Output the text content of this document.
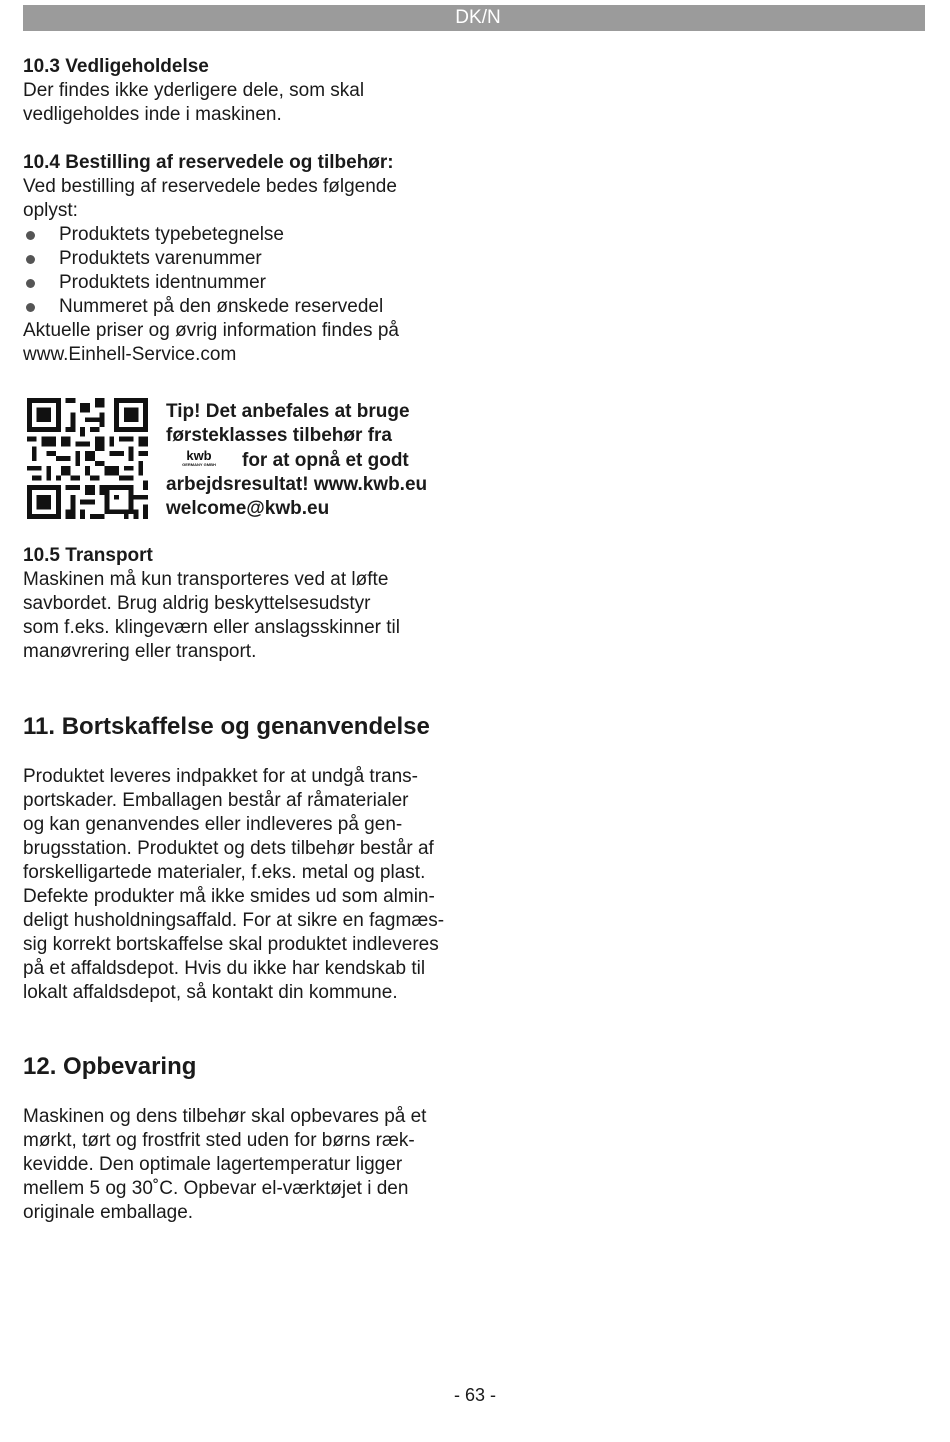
DK/N

10.3 Vedligeholdelse

Der findes ikke yderligere dele, som skal

vedligeholdes inde i maskinen.

10.4 Bestilling af reservedele og tilbehør:

Ved bestilling af reservedele bedes følgende

oplyst:

Produktets typebetegnelse
Produktets varenummer
Produktets identnummer
Nummeret på den ønskede reservedel

Aktuelle priser og øvrig information findes på

www.Einhell-Service.com

Tip! Det anbefales at bruge
førsteklasses tilbehør fra
kwb
GERMANY GMBH for at opnå et godt
arbejdsresultat! www.kwb.eu
welcome@kwb.eu

10.5 Transport

Maskinen må kun transporteres ved at løfte

savbordet. Brug aldrig beskyttelsesudstyr

som f.eks. klingeværn eller anslagsskinner til

manøvrering eller transport.

11. Bortskaffelse og genanvendelse

Produktet leveres indpakket for at undgå trans-

portskader. Emballagen består af råmaterialer

og kan genanvendes eller indleveres på gen-

brugsstation. Produktet og dets tilbehør består af

forskelligartede materialer, f.eks. metal og plast.

Defekte produkter må ikke smides ud som almin-

deligt husholdningsaffald. For at sikre en fagmæs-

sig korrekt bortskaffelse skal produktet indleveres

på et affaldsdepot. Hvis du ikke har kendskab til

lokalt affaldsdepot, så kontakt din kommune.

12. Opbevaring

Maskinen og dens tilbehør skal opbevares på et

mørkt, tørt og frostfrit sted uden for børns ræk-

kevidde. Den optimale lagertemperatur ligger

mellem 5 og 30˚C. Opbevar el-værktøjet i den

originale emballage.

- 63 -
